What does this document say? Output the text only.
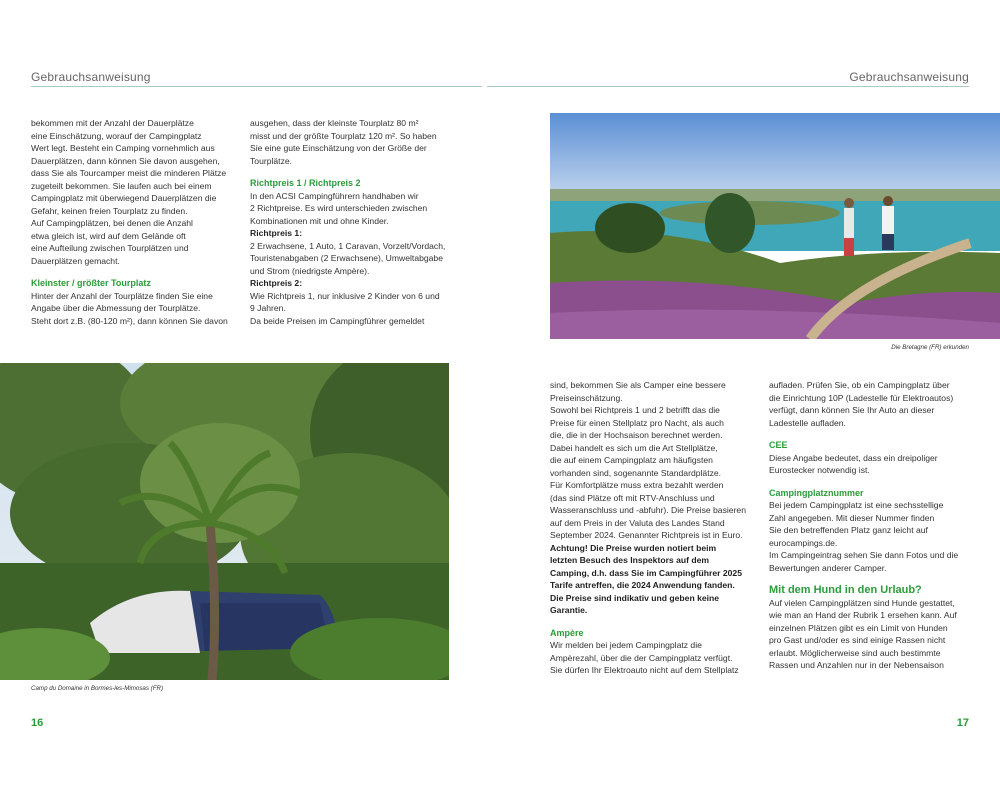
Gebrauchsanweisung	Gebrauchsanweisung

bekommen mit der Anzahl der Dauerplätze

eine Einschätzung, worauf der Campingplatz

Wert legt. Besteht ein Camping vornehmlich aus

Dauerplätzen, dann können Sie davon ausgehen,

dass Sie als Tourcamper meist die minderen Plätze

zugeteilt bekommen. Sie laufen auch bei einem

Campingplatz mit überwiegend Dauerplätzen die

Gefahr, keinen freien Tourplatz zu finden.

Auf Campingplätzen, bei denen die Anzahl

etwa gleich ist, wird auf dem Gelände oft

eine Aufteilung zwischen Tourplätzen und

Dauerplätzen gemacht.

Kleinster / größter Tourplatz

Hinter der Anzahl der Tourplätze finden Sie eine

Angabe über die Abmessung der Tourplätze.

Steht dort z.B. (80-120 m²), dann können Sie davon

ausgehen, dass der kleinste Tourplatz 80 m²

misst und der größte Tourplatz 120 m². So haben

Sie eine gute Einschätzung von der Größe der

Tourplätze.

Richtpreis 1 / Richtpreis 2

In den ACSI Campingführern handhaben wir

2 Richtpreise. Es wird unterschieden zwischen

Kombinationen mit und ohne Kinder.

Richtpreis 1:

2 Erwachsene, 1 Auto, 1 Caravan, Vorzelt/Vordach,

Touristenabgaben (2 Erwachsene), Umweltabgabe

und Strom (niedrigste Ampère).

Richtpreis 2:

Wie Richtpreis 1, nur inklusive 2 Kinder von 6 und

9 Jahren.

Da beide Preisen im Campingführer gemeldet

Camp du Domaine in Bormes-les-Mimosas (FR)
Die Bretagne (FR) erkunden

sind, bekommen Sie als Camper eine bessere

Preiseinschätzung.

Sowohl bei Richtpreis 1 und 2 betrifft das die

Preise für einen Stellplatz pro Nacht, als auch

die, die in der Hochsaison berechnet werden.

Dabei handelt es sich um die Art Stellplätze,

die auf einem Campingplatz am häufigsten

vorhanden sind, sogenannte Standardplätze.

Für Komfortplätze muss extra bezahlt werden

(das sind Plätze oft mit RTV-Anschluss und

Wasseranschluss und -abfuhr). Die Preise basieren

auf dem Preis in der Valuta des Landes Stand

September 2024. Genannter Richtpreis ist in Euro.

Achtung! Die Preise wurden notiert beim

letzten Besuch des Inspektors auf dem

Camping, d.h. dass Sie im Campingführer 2025

Tarife antreffen, die 2024 Anwendung fanden.

Die Preise sind indikativ und geben keine

Garantie.

Ampère

Wir melden bei jedem Campingplatz die

Ampèrezahl, über die der Campingplatz verfügt.

Sie dürfen Ihr Elektroauto nicht auf dem Stellplatz

aufladen. Prüfen Sie, ob ein Campingplatz über

die Einrichtung 10P (Ladestelle für Elektroautos)

verfügt, dann können Sie Ihr Auto an dieser

Ladestelle aufladen.

CEE

Diese Angabe bedeutet, dass ein dreipoliger

Eurostecker notwendig ist.

Campingplatznummer

Bei jedem Campingplatz ist eine sechsstellige

Zahl angegeben. Mit dieser Nummer finden

Sie den betreffenden Platz ganz leicht auf

eurocampings.de.

Im Campingeintrag sehen Sie dann Fotos und die

Bewertungen anderer Camper.

Mit dem Hund in den Urlaub?

Auf vielen Campingplätzen sind Hunde gestattet,

wie man an Hand der Rubrik 1 ersehen kann. Auf

einzelnen Plätzen gibt es ein Limit von Hunden

pro Gast und/oder es sind einige Rassen nicht

erlaubt. Möglicherweise sind auch bestimmte

Rassen und Anzahlen nur in der Nebensaison

16	17
